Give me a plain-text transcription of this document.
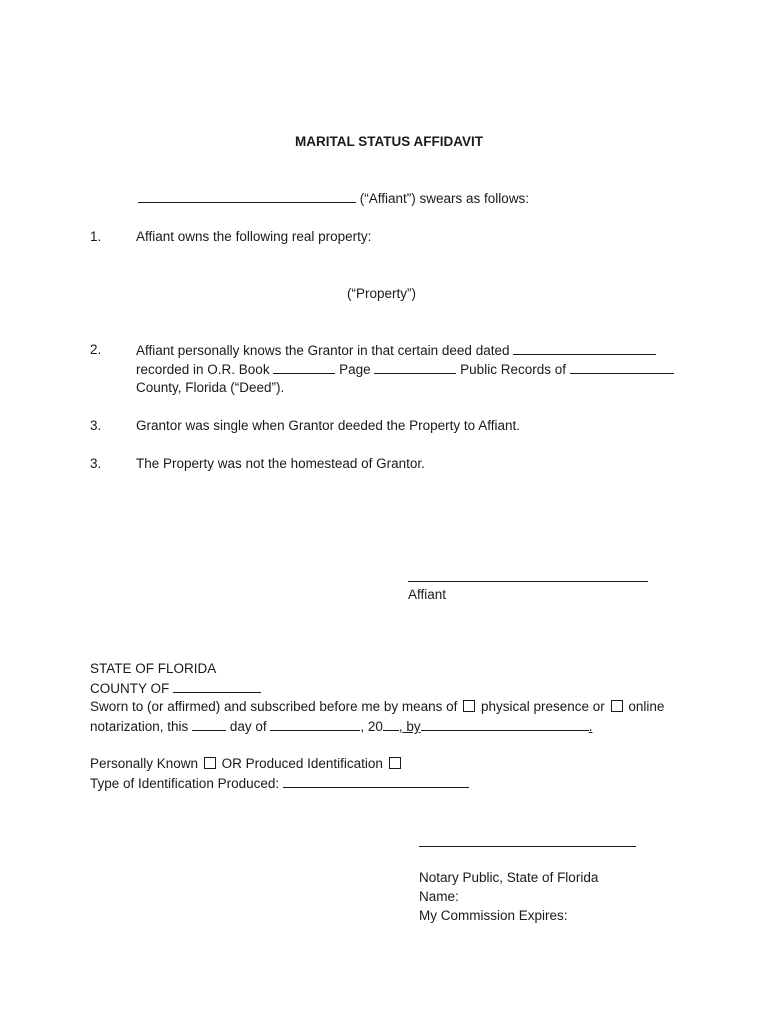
MARITAL STATUS AFFIDAVIT
(“Affiant”) swears as follows:
1.	Affiant owns the following real property:
(“Property”)
2.	Affiant personally knows the Grantor in that certain deed dated
recorded in O.R. Book	Page	Public Records of
County, Florida (“Deed”).
3.	Grantor was single when Grantor deeded the Property to Affiant.
3.	The Property was not the homestead of Grantor.
Affiant
STATE OF FLORIDA
COUNTY OF
Sworn to (or affirmed) and subscribed before me by means of physical presence or online
notarization, this	day of	, 20 , by	.
Personally Known OR Produced Identification
Type of Identification Produced:
Notary Public, State of Florida
Name:
My Commission Expires:
